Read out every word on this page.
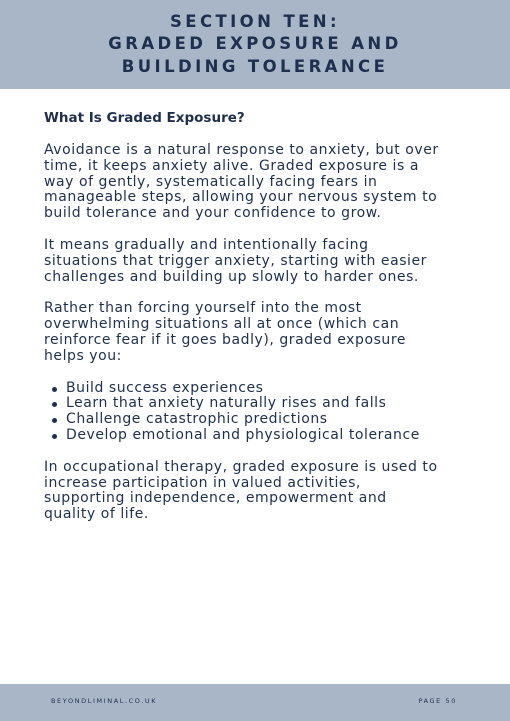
SECTION TEN:
GRADED EXPOSURE AND
BUILDING TOLERANCE
What Is Graded Exposure?
Avoidance is a natural response to anxiety, but over
time, it keeps anxiety alive. Graded exposure is a
way of gently, systematically facing fears in
manageable steps, allowing your nervous system to
build tolerance and your confidence to grow.
It means gradually and intentionally facing
situations that trigger anxiety, starting with easier
challenges and building up slowly to harder ones.
Rather than forcing yourself into the most
overwhelming situations all at once (which can
reinforce fear if it goes badly), graded exposure
helps you:
Build success experiences
Learn that anxiety naturally rises and falls
Challenge catastrophic predictions
Develop emotional and physiological tolerance
In occupational therapy, graded exposure is used to
increase participation in valued activities,
supporting independence, empowerment and
quality of life.
BEYONDLIMINAL.CO.UK	PAGE 50
